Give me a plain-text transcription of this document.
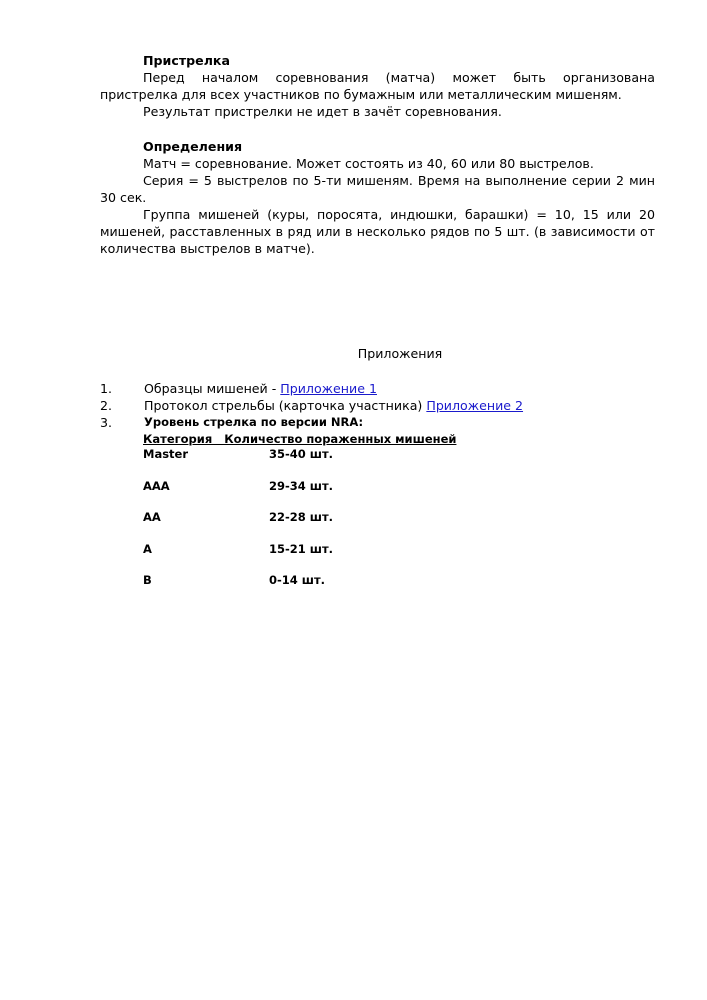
Пристрелка

Перед началом соревнования (матча) может быть организована пристрелка для всех участников по бумажным или металлическим мишеням.

Результат пристрелки не идет в зачёт соревнования.

Определения

Матч = соревнование. Может состоять из 40, 60 или 80 выстрелов.

Серия = 5 выстрелов по 5-ти мишеням. Время на выполнение серии 2 мин 30 сек.

Группа мишеней (куры, поросята, индюшки, барашки) = 10, 15 или 20 мишеней, расставленных в ряд или в несколько рядов по 5 шт. (в зависимости от количества выстрелов в матче).

Приложения
1.	Образцы мишеней - Приложение 1
2.	Протокол стрельбы (карточка участника) Приложение 2
3.	Уровень стрелка по версии NRA:
Категория   Количество пораженных мишеней
Master	35-40 шт.
AAA	29-34 шт.
AA	22-28 шт.
A	15-21 шт.
B	0-14 шт.
